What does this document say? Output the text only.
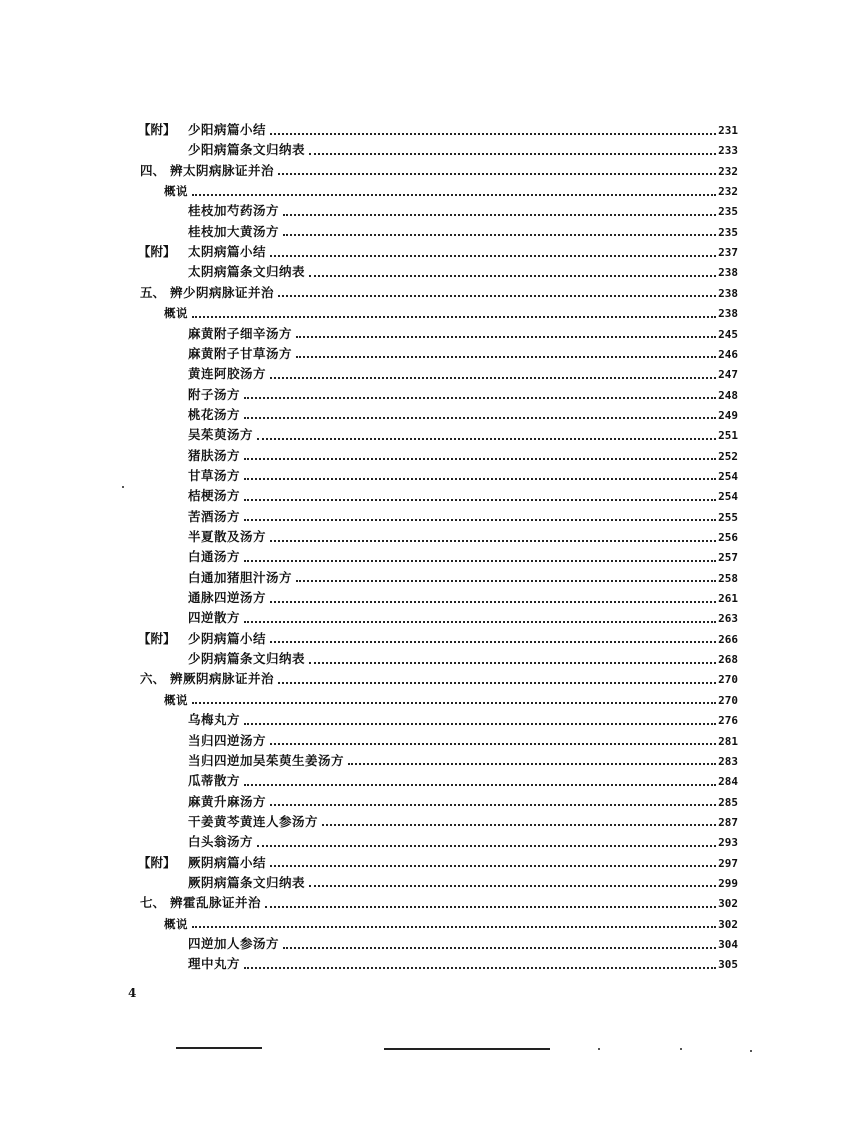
【附】 少阳病篇小结	231
少阳病篇条文归纳表	233
四、 辨太阴病脉证并治	232
概说	232
桂枝加芍药汤方	235
桂枝加大黄汤方	235
【附】 太阴病篇小结	237
太阴病篇条文归纳表	238
五、 辨少阴病脉证并治	238
概说	238
麻黄附子细辛汤方	245
麻黄附子甘草汤方	246
黄连阿胶汤方	247
附子汤方	248
桃花汤方	249
吴茱萸汤方	251
猪肤汤方	252
甘草汤方	254
桔梗汤方	254
苦酒汤方	255
半夏散及汤方	256
白通汤方	257
白通加猪胆汁汤方	258
通脉四逆汤方	261
四逆散方	263
【附】 少阴病篇小结	266
少阴病篇条文归纳表	268
六、 辨厥阴病脉证并治	270
概说	270
乌梅丸方	276
当归四逆汤方	281
当归四逆加吴茱萸生姜汤方	283
瓜蒂散方	284
麻黄升麻汤方	285
干姜黄芩黄连人参汤方	287
白头翁汤方	293
【附】 厥阴病篇小结	297
厥阴病篇条文归纳表	299
七、 辨霍乱脉证并治	302
概说	302
四逆加人参汤方	304
理中丸方	305
4
